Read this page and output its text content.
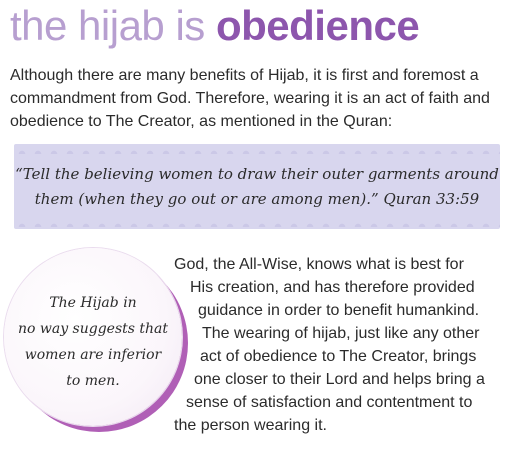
the hijab is obedience

Although there are many benefits of Hijab, it is first and foremost a

commandment from God. Therefore, wearing it is an act of faith and

obedience to The Creator, as mentioned in the Quran:

“Tell the believing women to draw their outer garments around

them (when they go out or are among men).” Quran 33:59

The Hijab in

no way suggests that

women are inferior

to men.

God, the All-Wise, knows what is best for

His creation, and has therefore provided

guidance in order to benefit humankind.

The wearing of hijab, just like any other

act of obedience to The Creator, brings

one closer to their Lord and helps bring a

sense of satisfaction and contentment to

the person wearing it.
